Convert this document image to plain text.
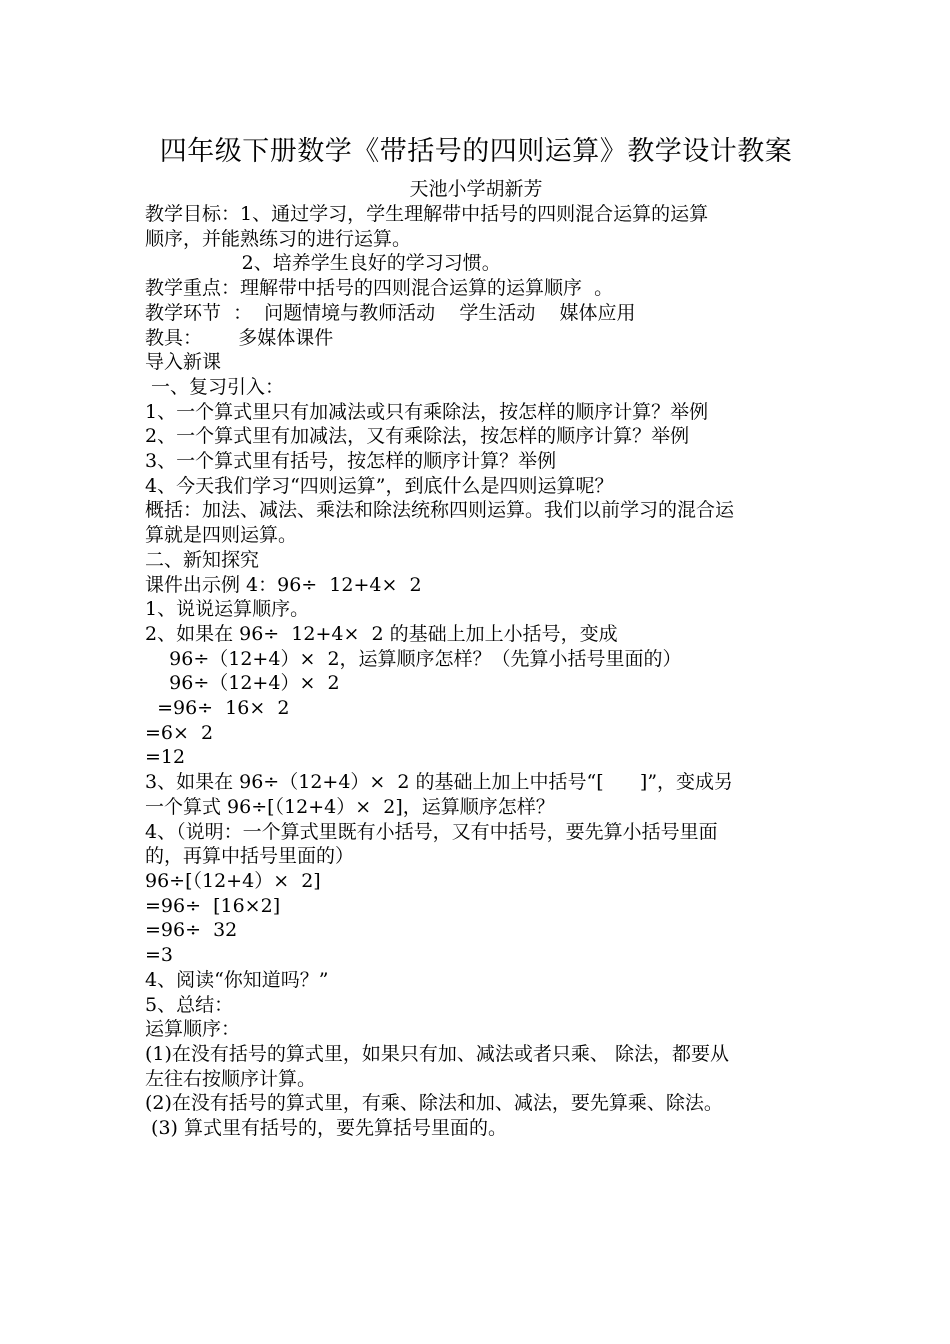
四年级下册数学《带括号的四则运算》教学设计教案
天池小学胡新芳
教学目标：1、通过学习，学生理解带中括号的四则混合运算的运算
顺序，并能熟练习的进行运算。
2、培养学生良好的学习习惯。
教学重点：理解带中括号的四则混合运算的运算顺序  。
教学环节  ：  问题情境与教师活动    学生活动    媒体应用
教具：      多媒体课件
导入新课
一、复习引入：
1、一个算式里只有加减法或只有乘除法，按怎样的顺序计算？举例
2、一个算式里有加减法，又有乘除法，按怎样的顺序计算？举例
3、一个算式里有括号，按怎样的顺序计算？举例
4、今天我们学习“四则运算”，到底什么是四则运算呢？
概括：加法、减法、乘法和除法统称四则运算。我们以前学习的混合运
算就是四则运算。
二、新知探究
课件出示例 4：96÷  12+4×  2
1、说说运算顺序。
2、如果在 96÷  12+4×  2 的基础上加上小括号，变成
96÷（12+4）×  2，运算顺序怎样？（先算小括号里面的）
96÷（12+4）×  2
=96÷  16×  2
=6×  2
=12
3、如果在 96÷（12+4）×  2 的基础上加上中括号“[      ]”，变成另
一个算式 96÷[（12+4）×  2]，运算顺序怎样？
4、（说明：一个算式里既有小括号，又有中括号，要先算小括号里面
的，再算中括号里面的）
96÷[（12+4）×  2]
=96÷  [16×2]
=96÷  32
=3
4、阅读“你知道吗？”
5、总结：
运算顺序：
(1)在没有括号的算式里，如果只有加、减法或者只乘、 除法，都要从
左往右按顺序计算。
(2)在没有括号的算式里，有乘、除法和加、减法，要先算乘、除法。
(3) 算式里有括号的，要先算括号里面的。
